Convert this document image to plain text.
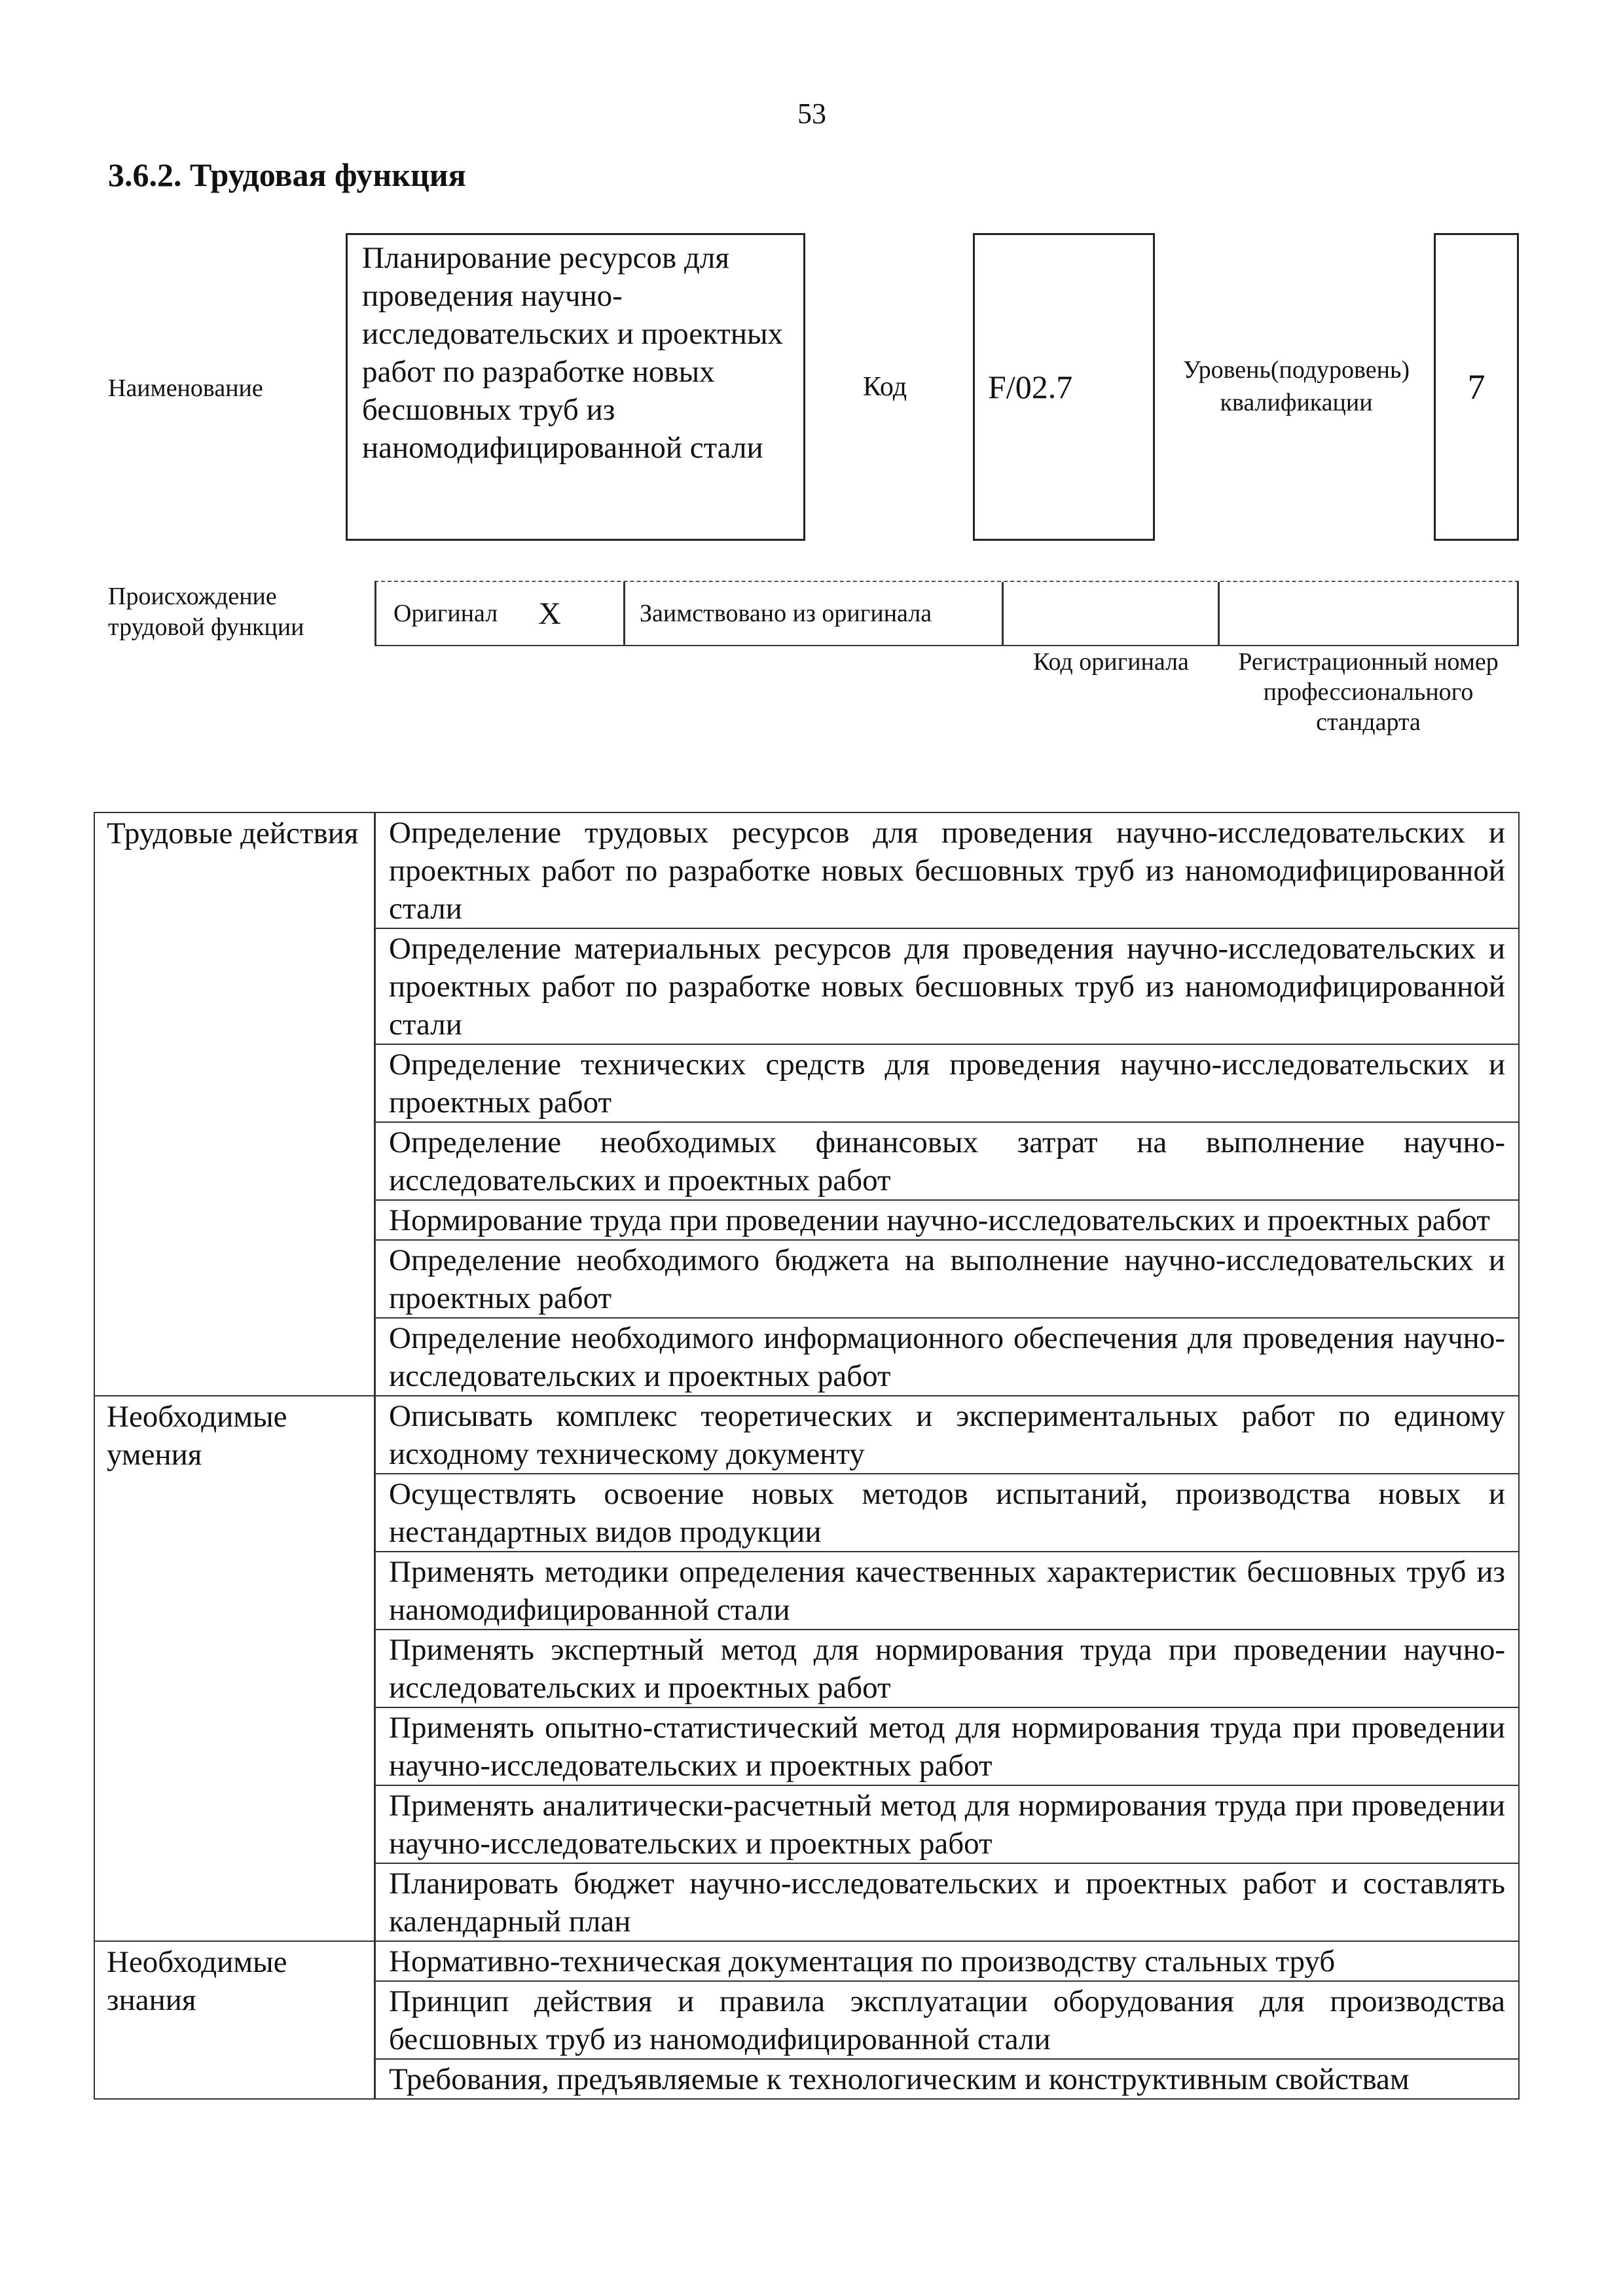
53
3.6.2. Трудовая функция
Наименование
Планирование ресурсов для проведения научно-исследовательских и проектных работ по разработке новых бесшовных труб из наномодифицированной стали
Код	F/02.7	Уровень(подуровень) квалификации	7
Происхождение трудовой функции	Оригинал X	Заимствовано из оригинала
Код оригинала	Регистрационный номер профессионального стандарта
Трудовые действия	Определение трудовых ресурсов для проведения научно-исследовательских и проектных работ по разработке новых бесшовных труб из наномодифицированной стали
	Определение материальных ресурсов для проведения научно-исследовательских и проектных работ по разработке новых бесшовных труб из наномодифицированной стали
	Определение технических средств для проведения научно-исследовательских и проектных работ
	Определение необходимых финансовых затрат на выполнение научно-исследовательских и проектных работ
	Нормирование труда при проведении научно-исследовательских и проектных работ
	Определение необходимого бюджета на выполнение научно-исследовательских и проектных работ
	Определение необходимого информационного обеспечения для проведения научно-исследовательских и проектных работ
Необходимые умения	Описывать комплекс теоретических и экспериментальных работ по единому исходному техническому документу
	Осуществлять освоение новых методов испытаний, производства новых и нестандартных видов продукции
	Применять методики определения качественных характеристик бесшовных труб из наномодифицированной стали
	Применять экспертный метод для нормирования труда при проведении научно-исследовательских и проектных работ
	Применять опытно-статистический метод для нормирования труда при проведении научно-исследовательских и проектных работ
	Применять аналитически-расчетный метод для нормирования труда при проведении научно-исследовательских и проектных работ
	Планировать бюджет научно-исследовательских и проектных работ и составлять календарный план
Необходимые знания	Нормативно-техническая документация по производству стальных труб
	Принцип действия и правила эксплуатации оборудования для производства бесшовных труб из наномодифицированной стали
	Требования, предъявляемые к технологическим и конструктивным свойствам
